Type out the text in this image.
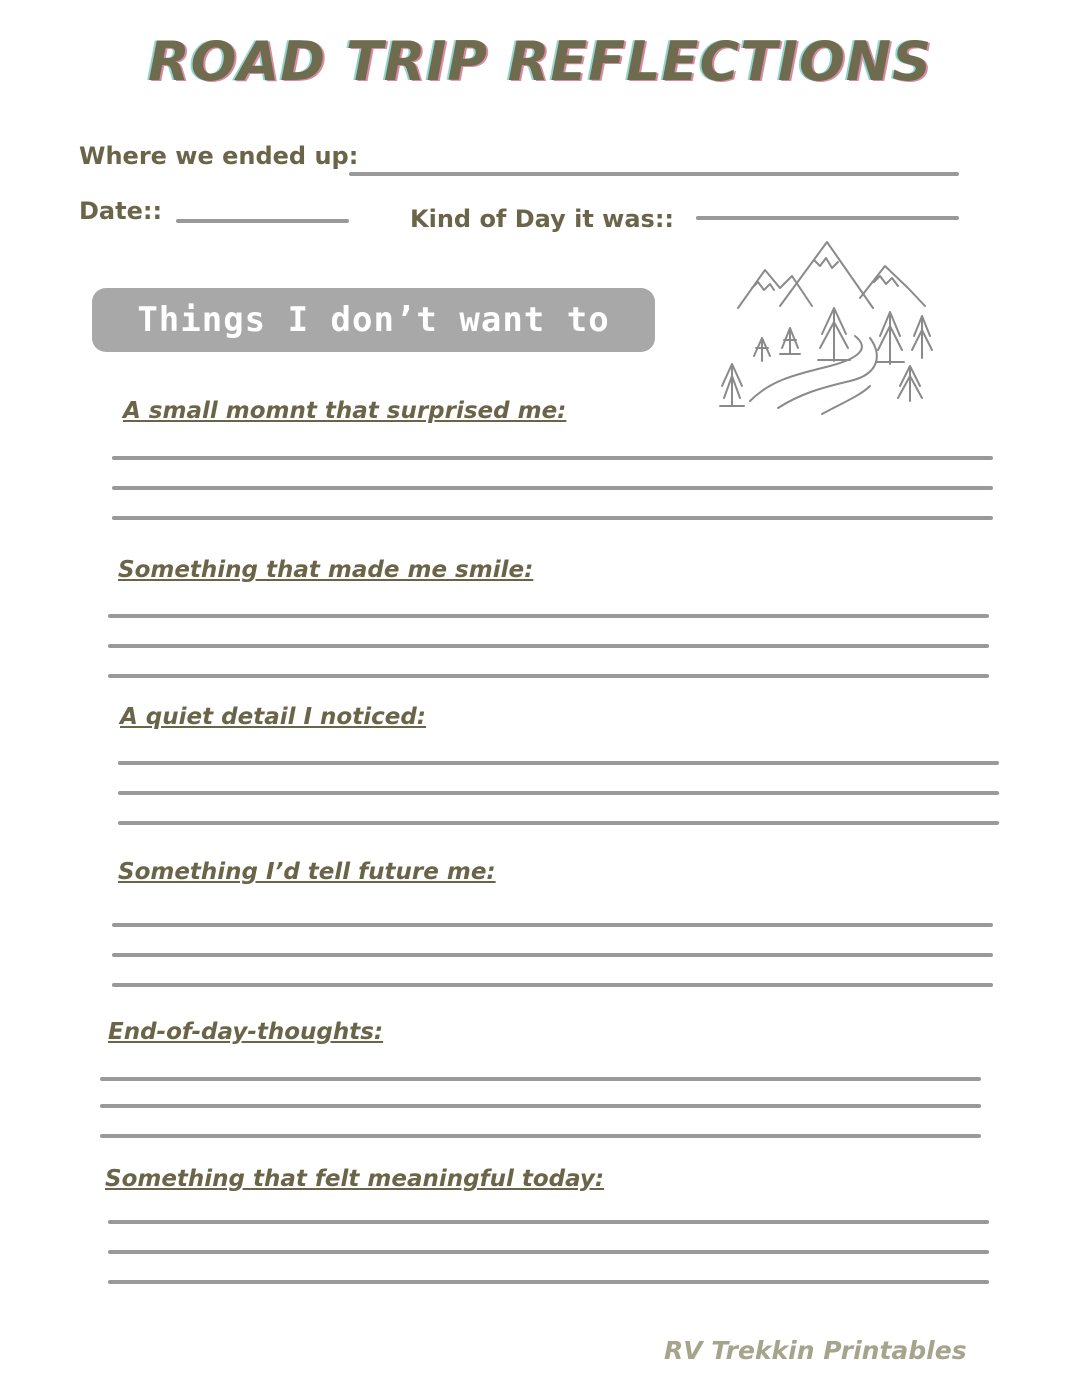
ROAD TRIP REFLECTIONS
Where we ended up:
Date::	Kind of Day it was::
Things I don’t want to forget
A small momnt that surprised me:
Something that made me smile:
A quiet detail I noticed:
Something I’d tell future me:
End-of-day-thoughts:
Something that felt meaningful today:
RV Trekkin Printables
